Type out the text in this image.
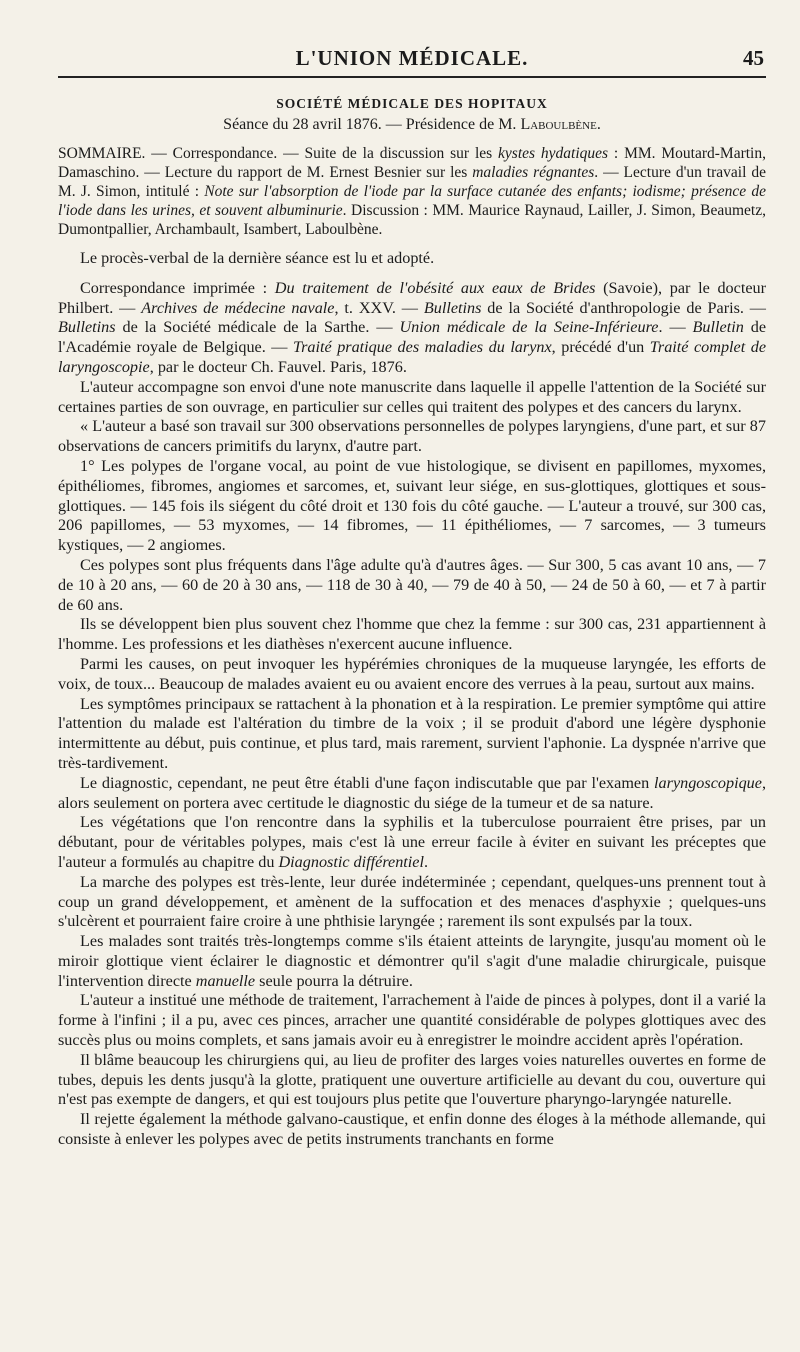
L'UNION MÉDICALE.	45
SOCIÉTÉ MÉDICALE DES HOPITAUX
Séance du 28 avril 1876. — Présidence de M. Laboulbène.
SOMMAIRE. — Correspondance. — Suite de la discussion sur les kystes hydatiques : MM. Moutard-Martin, Damaschino. — Lecture du rapport de M. Ernest Besnier sur les maladies régnantes. — Lecture d'un travail de M. J. Simon, intitulé : Note sur l'absorption de l'iode par la surface cutanée des enfants; iodisme; présence de l'iode dans les urines, et souvent albuminurie. Discussion : MM. Maurice Raynaud, Lailler, J. Simon, Beaumetz, Dumontpallier, Archambault, Isambert, Laboulbène.

Le procès-verbal de la dernière séance est lu et adopté.

Correspondance imprimée : Du traitement de l'obésité aux eaux de Brides (Savoie), par le docteur Philbert. — Archives de médecine navale, t. XXV. — Bulletins de la Société d'anthropologie de Paris. — Bulletins de la Société médicale de la Sarthe. — Union médicale de la Seine-Inférieure. — Bulletin de l'Académie royale de Belgique. — Traité pratique des maladies du larynx, précédé d'un Traité complet de laryngoscopie, par le docteur Ch. Fauvel. Paris, 1876.

L'auteur accompagne son envoi d'une note manuscrite dans laquelle il appelle l'attention de la Société sur certaines parties de son ouvrage, en particulier sur celles qui traitent des polypes et des cancers du larynx.

« L'auteur a basé son travail sur 300 observations personnelles de polypes laryngiens, d'une part, et sur 87 observations de cancers primitifs du larynx, d'autre part.

1° Les polypes de l'organe vocal, au point de vue histologique, se divisent en papillomes, myxomes, épithéliomes, fibromes, angiomes et sarcomes, et, suivant leur siége, en sus-glottiques, glottiques et sous-glottiques. — 145 fois ils siégent du côté droit et 130 fois du côté gauche. — L'auteur a trouvé, sur 300 cas, 206 papillomes, — 53 myxomes, — 14 fibromes, — 11 épithéliomes, — 7 sarcomes, — 3 tumeurs kystiques, — 2 angiomes.

Ces polypes sont plus fréquents dans l'âge adulte qu'à d'autres âges. — Sur 300, 5 cas avant 10 ans, — 7 de 10 à 20 ans, — 60 de 20 à 30 ans, — 118 de 30 à 40, — 79 de 40 à 50, — 24 de 50 à 60, — et 7 à partir de 60 ans.

Ils se développent bien plus souvent chez l'homme que chez la femme : sur 300 cas, 231 appartiennent à l'homme. Les professions et les diathèses n'exercent aucune influence.

Parmi les causes, on peut invoquer les hypérémies chroniques de la muqueuse laryngée, les efforts de voix, de toux... Beaucoup de malades avaient eu ou avaient encore des verrues à la peau, surtout aux mains.

Les symptômes principaux se rattachent à la phonation et à la respiration. Le premier symptôme qui attire l'attention du malade est l'altération du timbre de la voix ; il se produit d'abord une légère dysphonie intermittente au début, puis continue, et plus tard, mais rarement, survient l'aphonie. La dyspnée n'arrive que très-tardivement.

Le diagnostic, cependant, ne peut être établi d'une façon indiscutable que par l'examen laryngoscopique, alors seulement on portera avec certitude le diagnostic du siége de la tumeur et de sa nature.

Les végétations que l'on rencontre dans la syphilis et la tuberculose pourraient être prises, par un débutant, pour de véritables polypes, mais c'est là une erreur facile à éviter en suivant les préceptes que l'auteur a formulés au chapitre du Diagnostic différentiel.

La marche des polypes est très-lente, leur durée indéterminée ; cependant, quelques-uns prennent tout à coup un grand développement, et amènent de la suffocation et des menaces d'asphyxie ; quelques-uns s'ulcèrent et pourraient faire croire à une phthisie laryngée ; rarement ils sont expulsés par la toux.

Les malades sont traités très-longtemps comme s'ils étaient atteints de laryngite, jusqu'au moment où le miroir glottique vient éclairer le diagnostic et démontrer qu'il s'agit d'une maladie chirurgicale, puisque l'intervention directe manuelle seule pourra la détruire.

L'auteur a institué une méthode de traitement, l'arrachement à l'aide de pinces à polypes, dont il a varié la forme à l'infini ; il a pu, avec ces pinces, arracher une quantité considérable de polypes glottiques avec des succès plus ou moins complets, et sans jamais avoir eu à enregistrer le moindre accident après l'opération.

Il blâme beaucoup les chirurgiens qui, au lieu de profiter des larges voies naturelles ouvertes en forme de tubes, depuis les dents jusqu'à la glotte, pratiquent une ouverture artificielle au devant du cou, ouverture qui n'est pas exempte de dangers, et qui est toujours plus petite que l'ouverture pharyngo-laryngée naturelle.

Il rejette également la méthode galvano-caustique, et enfin donne des éloges à la méthode allemande, qui consiste à enlever les polypes avec de petits instruments tranchants en forme
